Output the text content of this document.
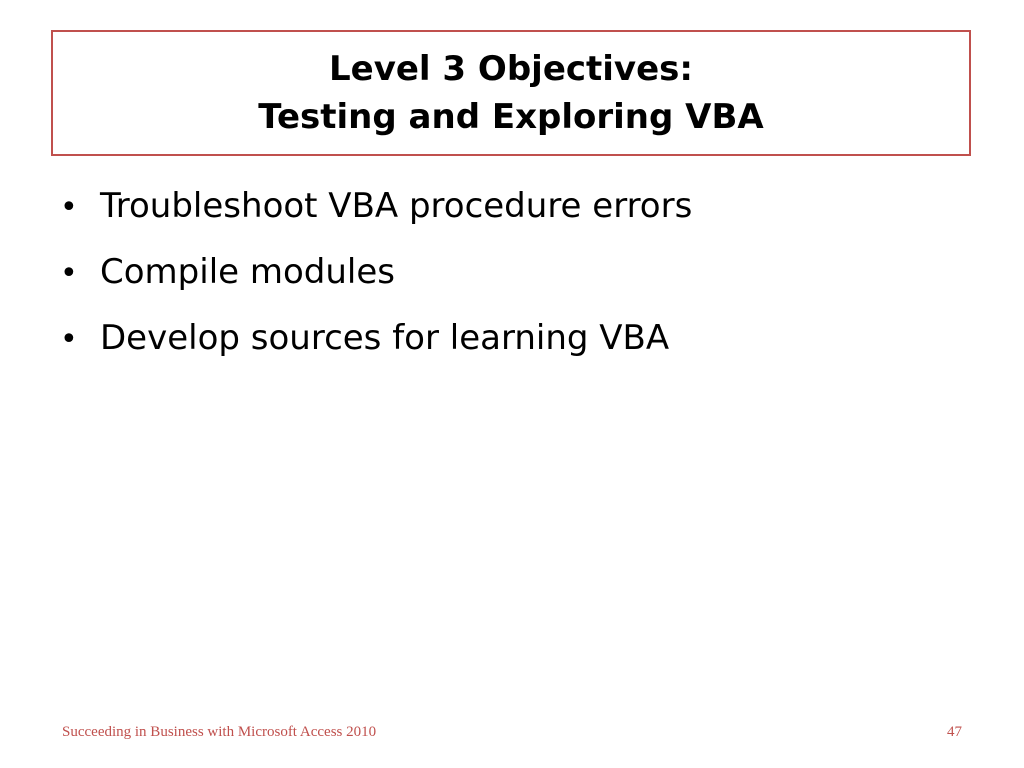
Level 3 Objectives:
Testing and Exploring VBA
• Troubleshoot VBA procedure errors
• Compile modules
• Develop sources for learning VBA
Succeeding in Business with Microsoft Access 2010	47
